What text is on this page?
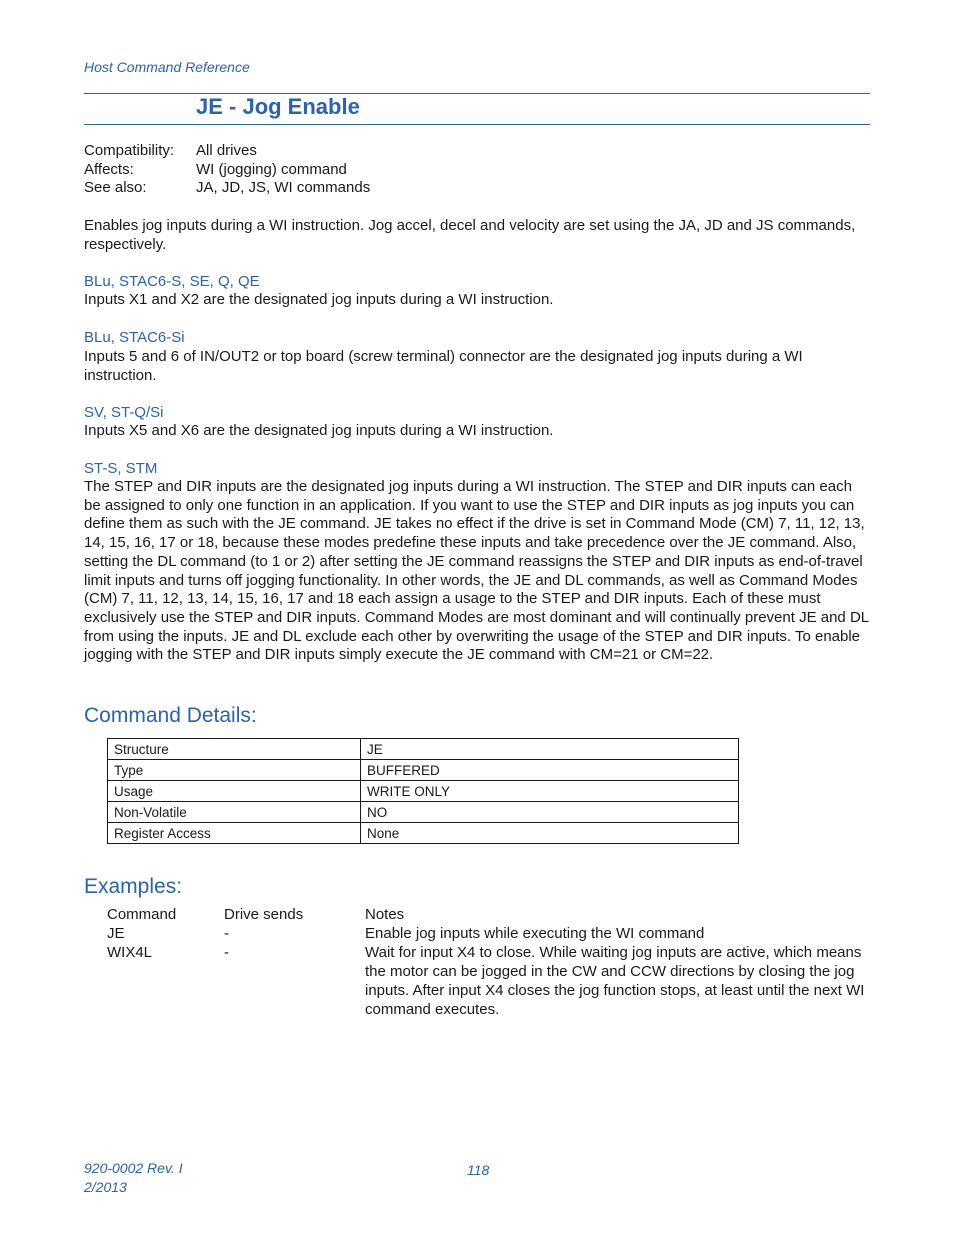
Host Command Reference
JE - Jog Enable
Compatibility:	All drives
Affects:	WI (jogging) command
See also:	JA, JD, JS, WI commands
Enables jog inputs during a WI instruction. Jog accel, decel and velocity are set using the JA, JD and JS commands, respectively.
BLu, STAC6-S, SE, Q, QE
Inputs X1 and X2 are the designated jog inputs during a WI instruction.
BLu, STAC6-Si
Inputs 5 and 6 of IN/OUT2 or top board (screw terminal) connector are the designated jog inputs during a WI instruction.
SV, ST-Q/Si
Inputs X5 and X6 are the designated jog inputs during a WI instruction.
ST-S, STM
The STEP and DIR inputs are the designated jog inputs during a WI instruction. The STEP and DIR inputs can each be assigned to only one function in an application. If you want to use the STEP and DIR inputs as jog inputs you can define them as such with the JE command. JE takes no effect if the drive is set in Command Mode (CM) 7, 11, 12, 13, 14, 15, 16, 17 or 18, because these modes predefine these inputs and take precedence over the JE command. Also, setting the DL command (to 1 or 2) after setting the JE command reassigns the STEP and DIR inputs as end-of-travel limit inputs and turns off jogging functionality. In other words, the JE and DL commands, as well as Command Modes (CM) 7, 11, 12, 13, 14, 15, 16, 17 and 18 each assign a usage to the STEP and DIR inputs. Each of these must exclusively use the STEP and DIR inputs. Command Modes are most dominant and will continually prevent JE and DL from using the inputs. JE and DL exclude each other by overwriting the usage of the STEP and DIR inputs. To enable jogging with the STEP and DIR inputs simply execute the JE command with CM=21 or CM=22.
Command Details:
Structure	JE
Type	BUFFERED
Usage	WRITE ONLY
Non-Volatile	NO
Register Access	None
Examples:
Command	Drive sends	Notes
JE	-	Enable jog inputs while executing the WI command
WIX4L	-	Wait for input X4 to close. While waiting jog inputs are active, which means the motor can be jogged in the CW and CCW directions by closing the jog inputs. After input X4 closes the jog function stops, at least until the next WI command executes.
920-0002 Rev. I
2/2013
118
